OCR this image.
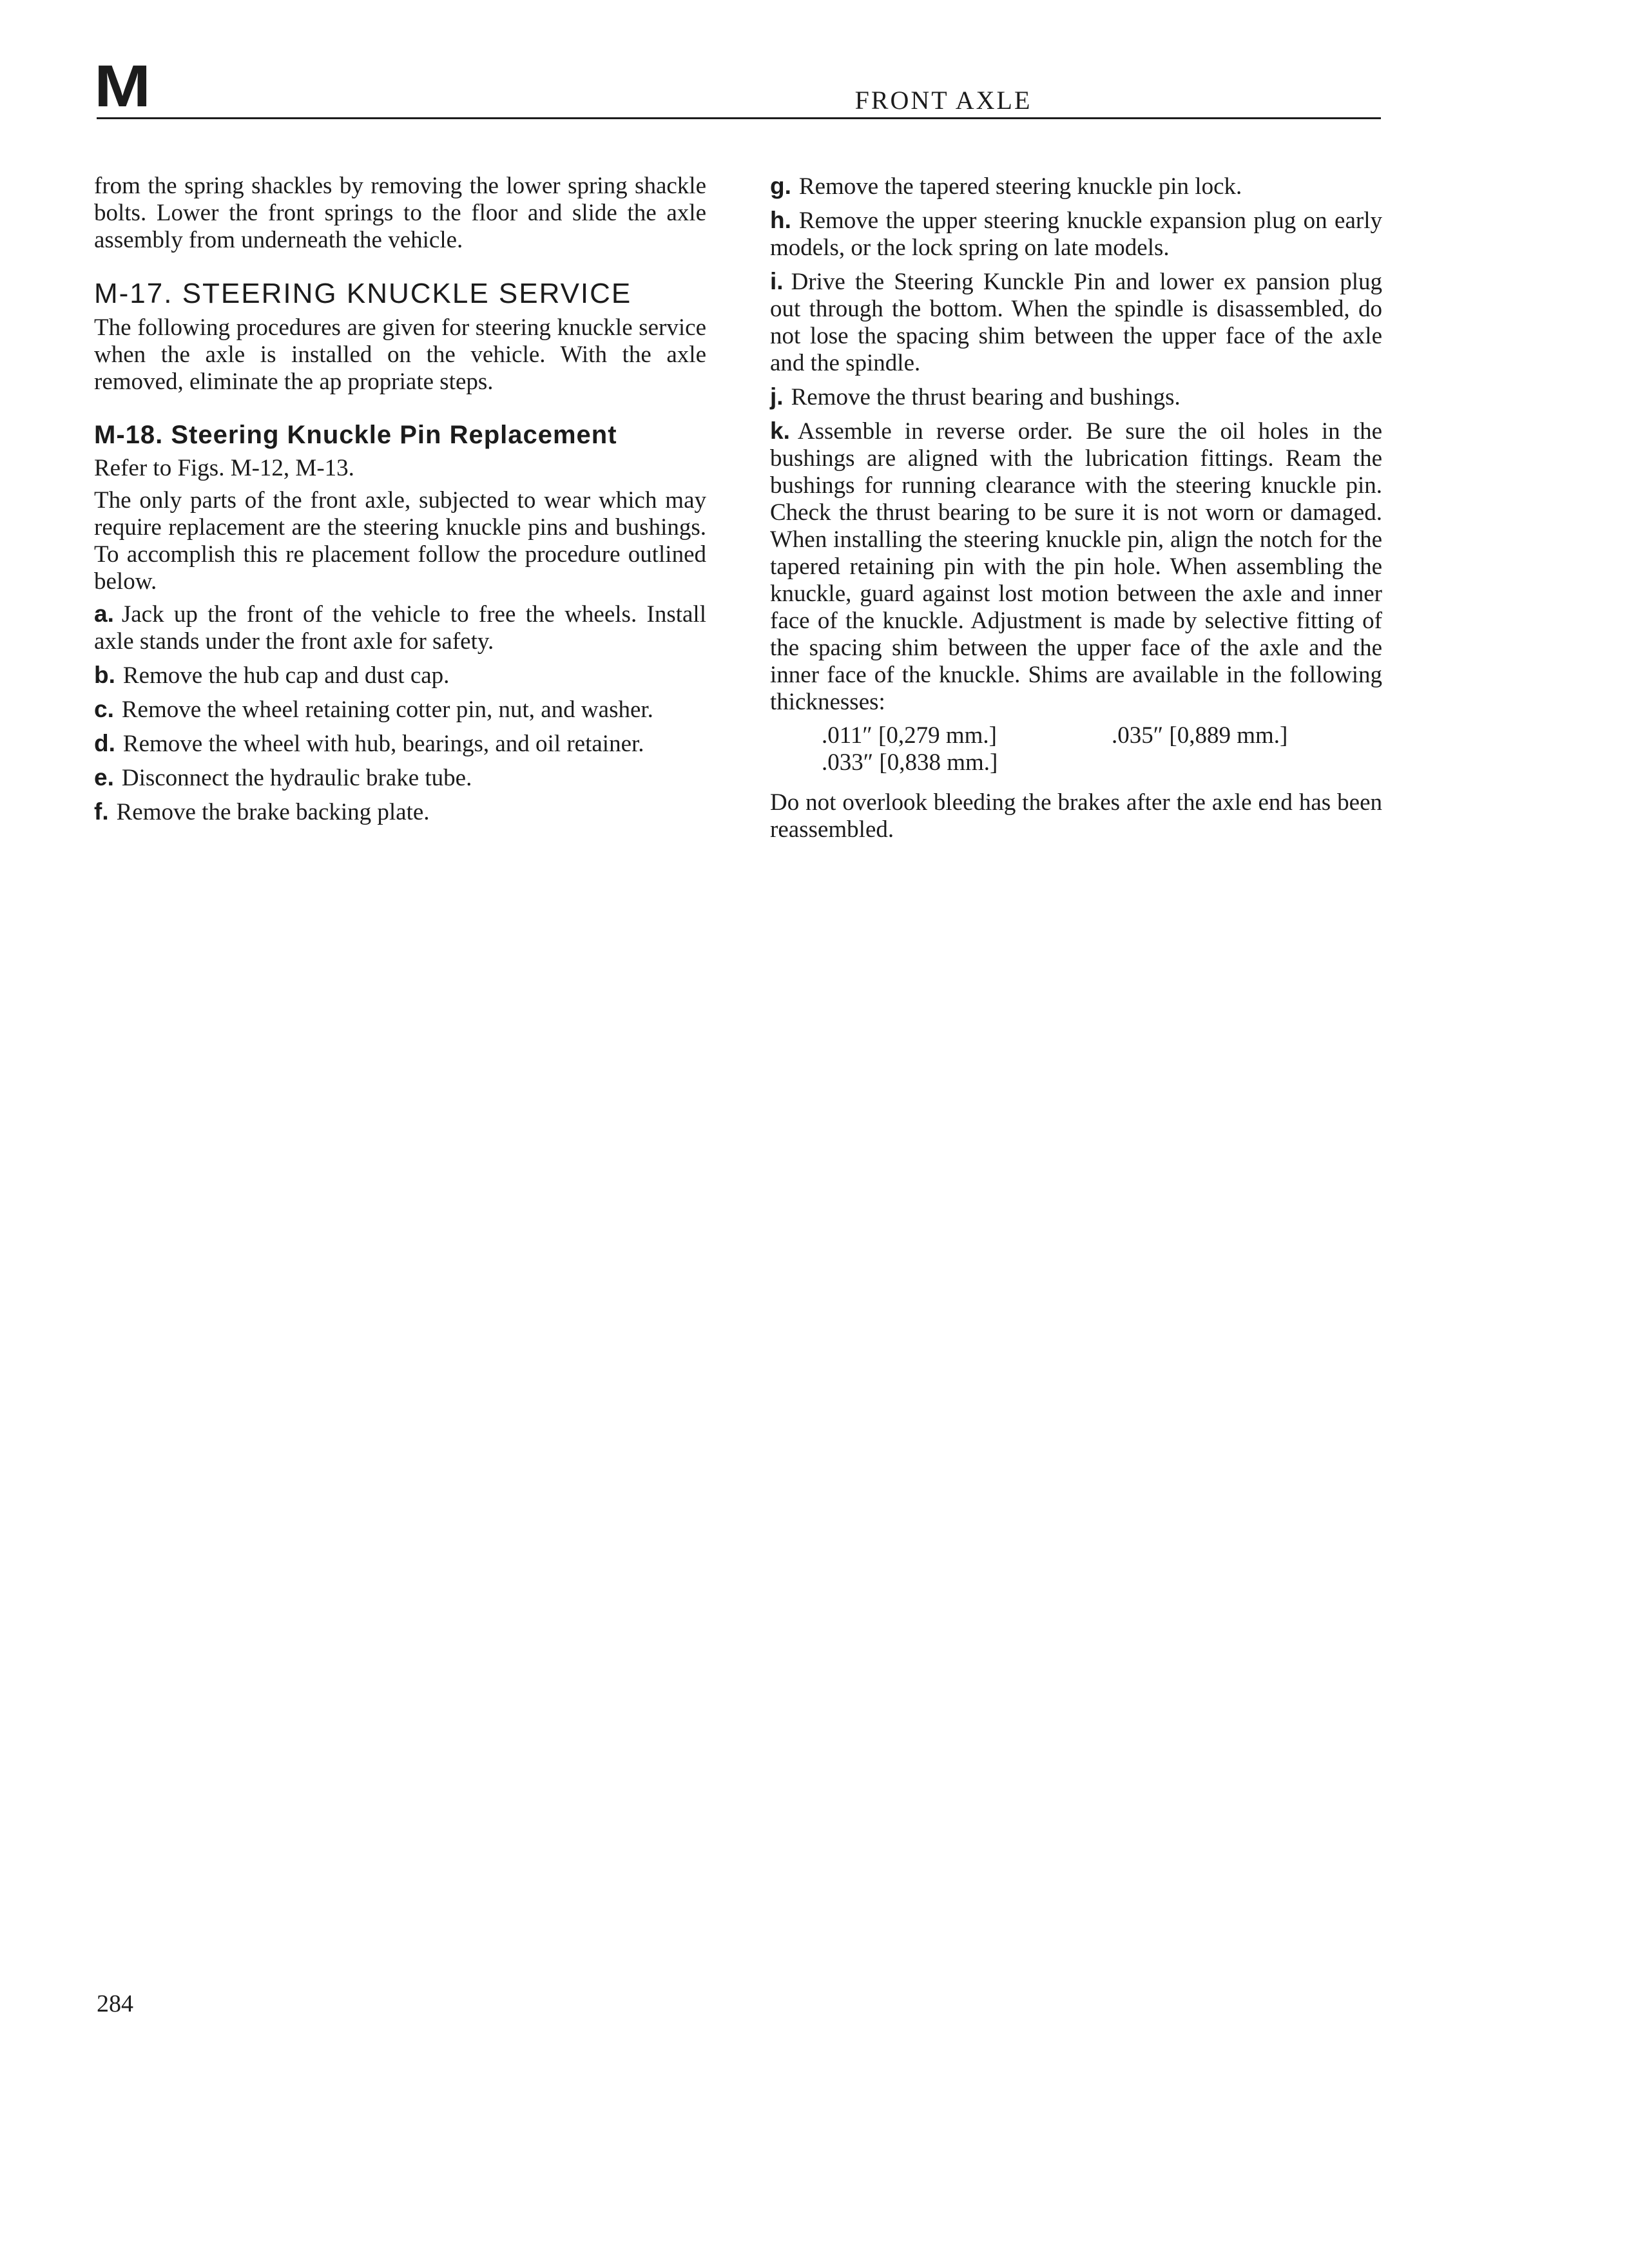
M	FRONT AXLE

from the spring shackles by removing the lower spring shackle bolts. Lower the front springs to the floor and slide the axle assembly from underneath the vehicle.

M-17. STEERING KNUCKLE SERVICE

The following procedures are given for steering knuckle service when the axle is installed on the vehicle. With the axle removed, eliminate the ap propriate steps.

M-18. Steering Knuckle Pin Replacement

Refer to Figs. M-12, M-13.

The only parts of the front axle, subjected to wear which may require replacement are the steering knuckle pins and bushings. To accomplish this re placement follow the procedure outlined below.

a. Jack up the front of the vehicle to free the wheels. Install axle stands under the front axle for safety.

b. Remove the hub cap and dust cap.

c. Remove the wheel retaining cotter pin, nut, and washer.

d. Remove the wheel with hub, bearings, and oil retainer.

e. Disconnect the hydraulic brake tube.

f. Remove the brake backing plate.

g. Remove the tapered steering knuckle pin lock.

h. Remove the upper steering knuckle expansion plug on early models, or the lock spring on late models.

i. Drive the Steering Kunckle Pin and lower ex pansion plug out through the bottom. When the spindle is disassembled, do not lose the spacing shim between the upper face of the axle and the spindle.

j. Remove the thrust bearing and bushings.

k. Assemble in reverse order. Be sure the oil holes in the bushings are aligned with the lubrication fittings. Ream the bushings for running clearance with the steering knuckle pin. Check the thrust bearing to be sure it is not worn or damaged. When installing the steering knuckle pin, align the notch for the tapered retaining pin with the pin hole. When assembling the knuckle, guard against lost motion between the axle and inner face of the knuckle. Adjustment is made by selective fitting of the spacing shim between the upper face of the axle and the inner face of the knuckle. Shims are available in the following thicknesses:

.011″ [0,279 mm.]	.035″ [0,889 mm.]
.033″ [0,838 mm.]

Do not overlook bleeding the brakes after the axle end has been reassembled.

284
